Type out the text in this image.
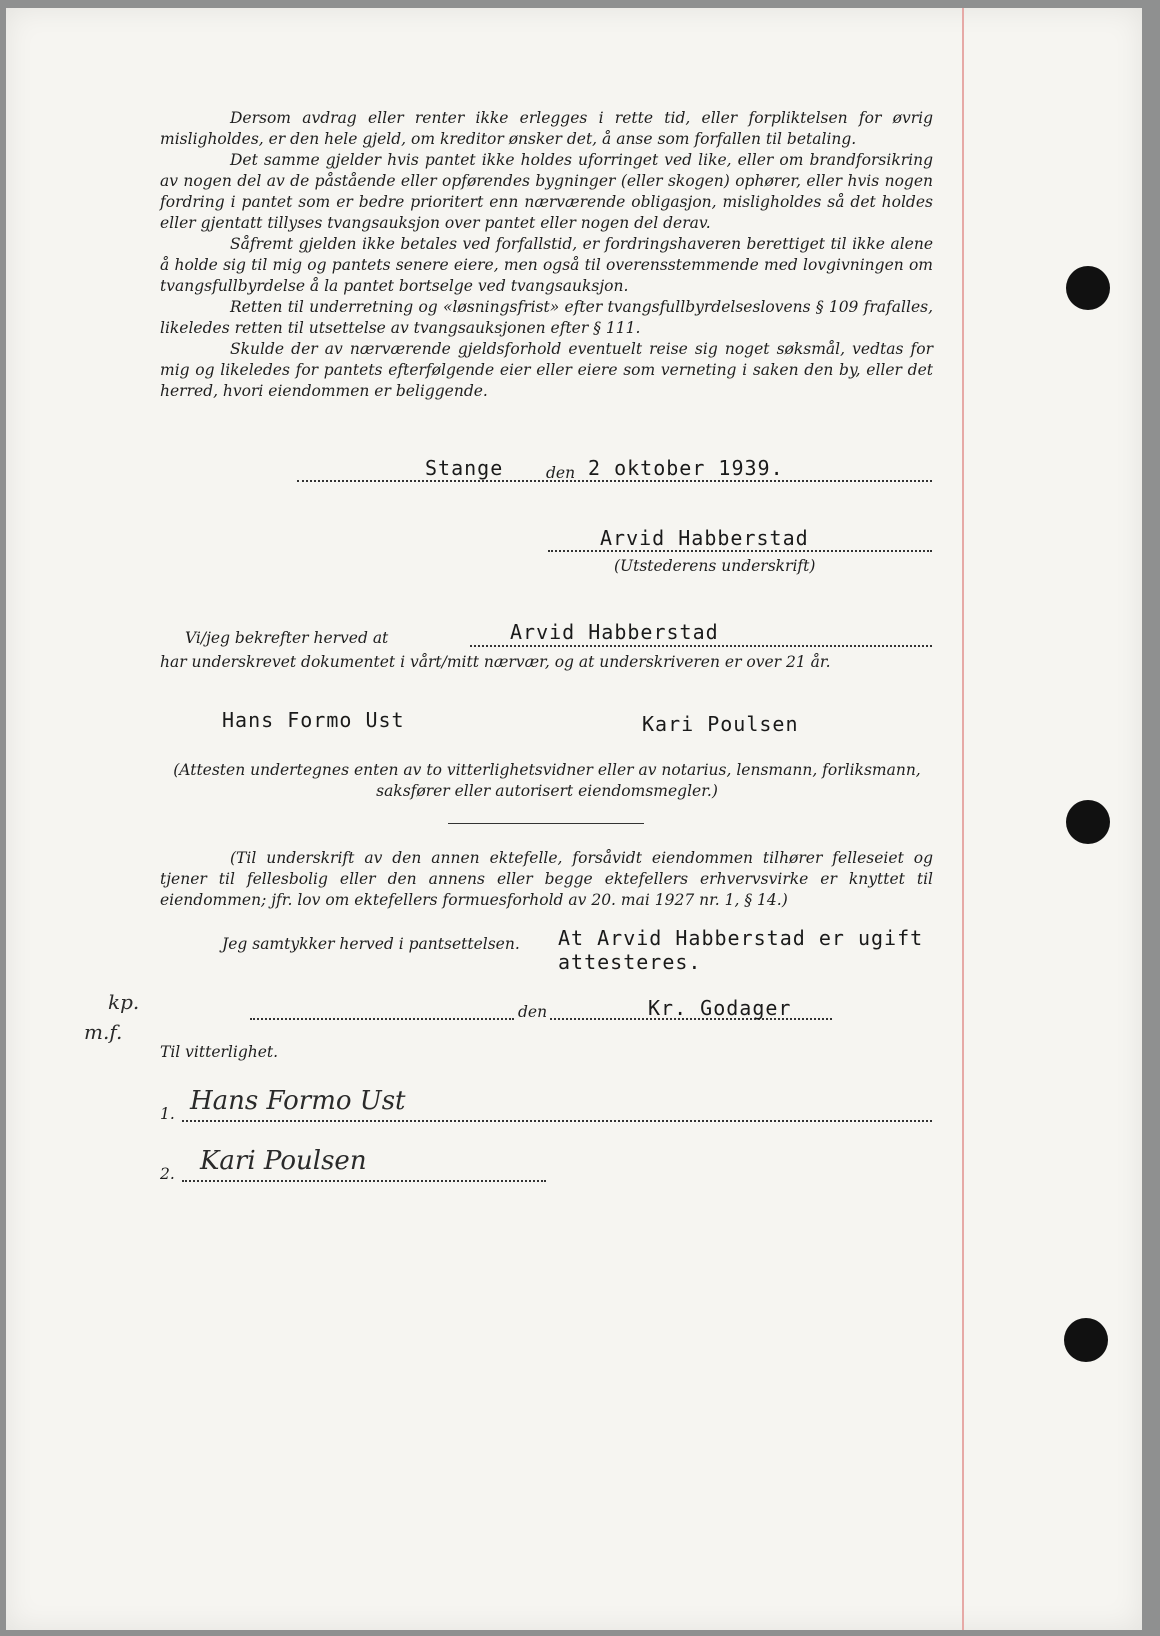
Dersom avdrag eller renter ikke erlegges i rette tid, eller forpliktelsen for øvrig misligholdes, er den hele gjeld, om kreditor ønsker det, å anse som forfallen til betaling.

Det samme gjelder hvis pantet ikke holdes uforringet ved like, eller om brandforsikring av nogen del av de påstående eller opførendes bygninger (eller skogen) ophører, eller hvis nogen fordring i pantet som er bedre prioritert enn nærværende obligasjon, misligholdes så det holdes eller gjentatt tillyses tvangsauksjon over pantet eller nogen del derav.

Såfremt gjelden ikke betales ved forfallstid, er fordringshaveren berettiget til ikke alene å holde sig til mig og pantets senere eiere, men også til overensstemmende med lovgivningen om tvangsfullbyrdelse å la pantet bortselge ved tvangsauksjon.

Retten til underretning og «løsningsfrist» efter tvangsfullbyrdelseslovens § 109 frafalles, likeledes retten til utsettelse av tvangsauksjonen efter § 111.

Skulde der av nærværende gjeldsforhold eventuelt reise sig noget søksmål, vedtas for mig og likeledes for pantets efterfølgende eier eller eiere som verneting i saken den by, eller det herred, hvori eiendommen er beliggende.

Stange	den 2 oktober 1939.
Arvid Habberstad
(Utstederens underskrift)
Vi/jeg bekrefter herved at	Arvid Habberstad
har underskrevet dokumentet i vårt/mitt nærvær, og at underskriveren er over 21 år.
Hans Formo Ust	Kari Poulsen
(Attesten undertegnes enten av to vitterlighetsvidner eller av notarius, lensmann, forliksmann, saksfører eller autorisert eiendomsmegler.)
(Til underskrift av den annen ektefelle, forsåvidt eiendommen tilhører felleseiet og tjener til fellesbolig eller den annens eller begge ektefellers erhvervsvirke er knyttet til eiendommen; jfr. lov om ektefellers formuesforhold av 20. mai 1927 nr. 1, § 14.)
Jeg samtykker herved i pantsettelsen. At Arvid Habberstad er ugift
attesteres.
den	Kr. Godager
kp.
m.f.
Til vitterlighet.
1. Hans Formo Ust
2. Kari Poulsen
